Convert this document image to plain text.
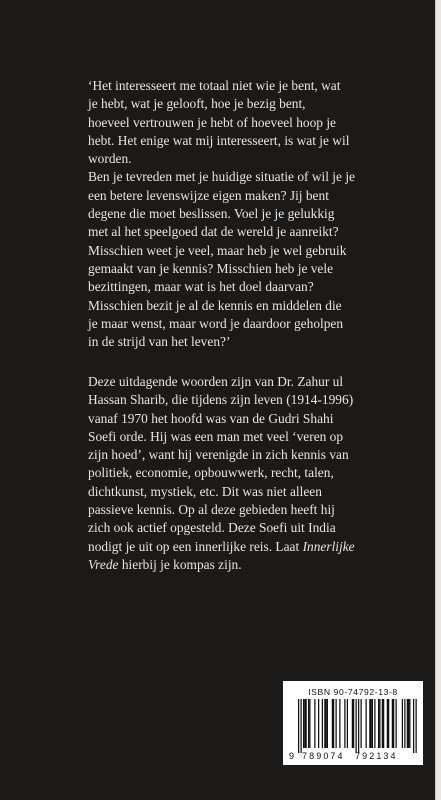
‘Het interesseert me totaal niet wie je bent, wat
je hebt, wat je gelooft, hoe je bezig bent,
hoeveel vertrouwen je hebt of hoeveel hoop je
hebt. Het enige wat mij interesseert, is wat je wil
worden.
Ben je tevreden met je huidige situatie of wil je je
een betere levenswijze eigen maken? Jij bent
degene die moet beslissen. Voel je je gelukkig
met al het speelgoed dat de wereld je aanreikt?
Misschien weet je veel, maar heb je wel gebruik
gemaakt van je kennis? Misschien heb je vele
bezittingen, maar wat is het doel daarvan?
Misschien bezit je al de kennis en middelen die
je maar wenst, maar word je daardoor geholpen
in de strijd van het leven?’
Deze uitdagende woorden zijn van Dr. Zahur ul
Hassan Sharib, die tijdens zijn leven (1914-1996)
vanaf 1970 het hoofd was van de Gudri Shahi
Soefi orde. Hij was een man met veel ‘veren op
zijn hoed’, want hij verenigde in zich kennis van
politiek, economie, opbouwwerk, recht, talen,
dichtkunst, mystiek, etc. Dit was niet alleen
passieve kennis. Op al deze gebieden heeft hij
zich ook actief opgesteld. Deze Soefi uit India
nodigt je uit op een innerlijke reis. Laat Innerlijke
Vrede hierbij je kompas zijn.
ISBN 90-74792-13-8
9 789074 792134
